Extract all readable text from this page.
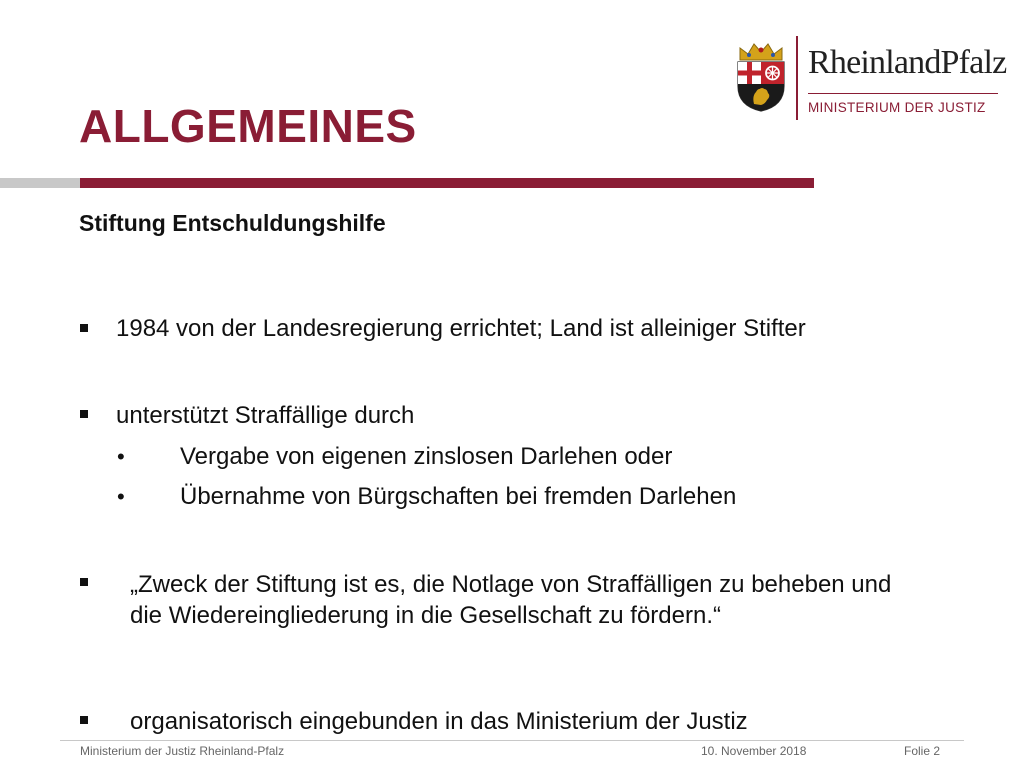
RheinlandPfalz
MINISTERIUM DER JUSTIZ
ALLGEMEINES
Stiftung Entschuldungshilfe
1984 von der Landesregierung errichtet; Land ist alleiniger Stifter
unterstützt Straffällige durch
• Vergabe von eigenen zinslosen Darlehen oder
• Übernahme von Bürgschaften bei fremden Darlehen
„Zweck der Stiftung ist es, die Notlage von Straffälligen zu beheben und die Wiedereingliederung in die Gesellschaft zu fördern.“
organisatorisch eingebunden in das Ministerium der Justiz
Ministerium der Justiz Rheinland-Pfalz	10. November 2018	Folie 2
